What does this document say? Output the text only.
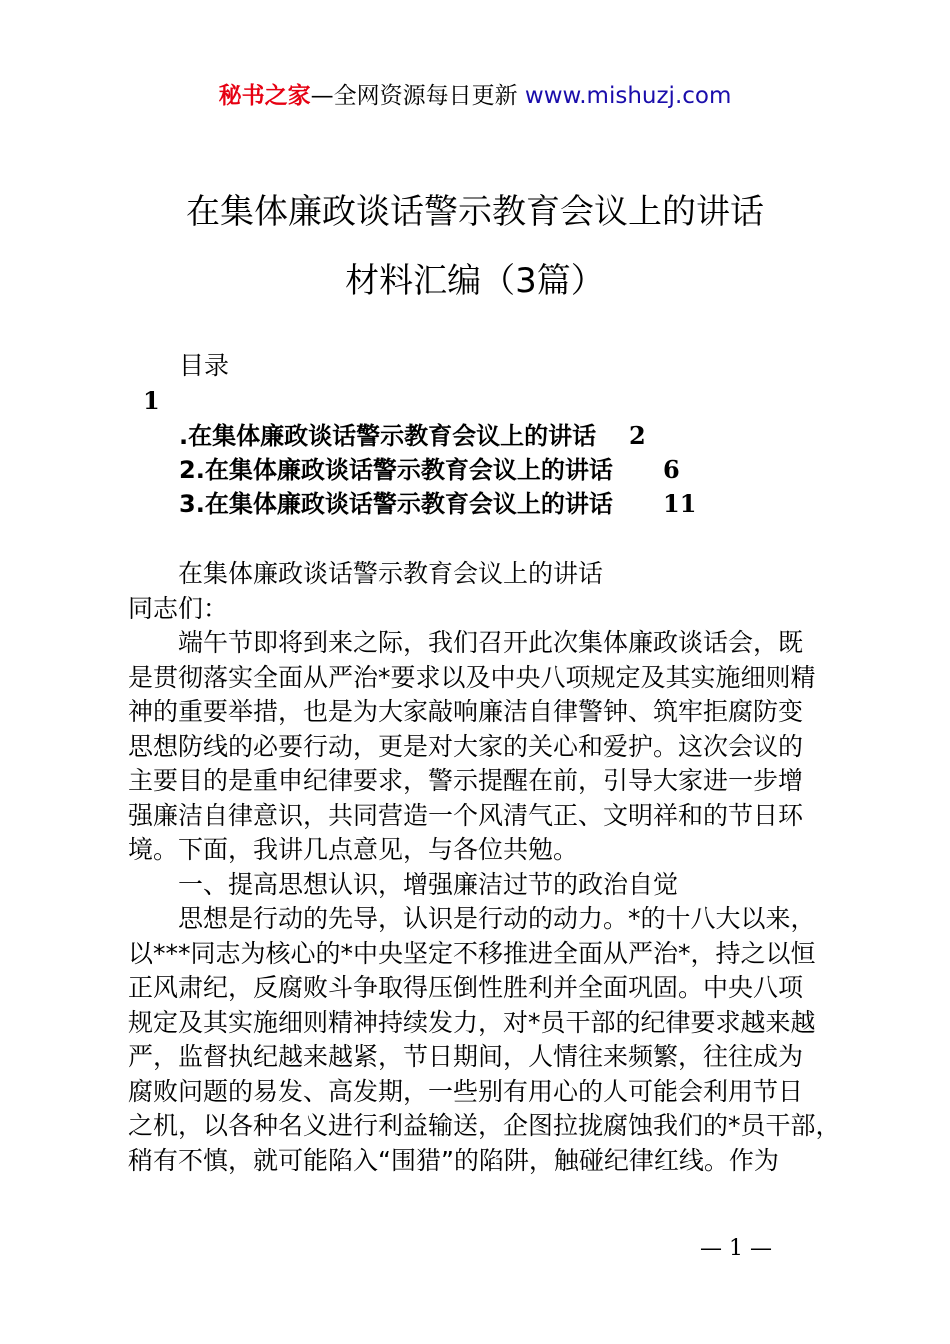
秘书之家—全网资源每日更新 www.mishuzj.com
在集体廉政谈话警示教育会议上的讲话
材料汇编（3篇）
目录
1
.在集体廉政谈话警示教育会议上的讲话 2
2.在集体廉政谈话警示教育会议上的讲话 6
3.在集体廉政谈话警示教育会议上的讲话 11
在集体廉政谈话警示教育会议上的讲话
同志们：
端午节即将到来之际，我们召开此次集体廉政谈话会，既
是贯彻落实全面从严治*要求以及中央八项规定及其实施细则精
神的重要举措，也是为大家敲响廉洁自律警钟、筑牢拒腐防变
思想防线的必要行动，更是对大家的关心和爱护。这次会议的
主要目的是重申纪律要求，警示提醒在前，引导大家进一步增
强廉洁自律意识，共同营造一个风清气正、文明祥和的节日环
境。下面，我讲几点意见，与各位共勉。
一、提高思想认识，增强廉洁过节的政治自觉
思想是行动的先导，认识是行动的动力。*的十八大以来，
以***同志为核心的*中央坚定不移推进全面从严治*，持之以恒
正风肃纪，反腐败斗争取得压倒性胜利并全面巩固。中央八项
规定及其实施细则精神持续发力，对*员干部的纪律要求越来越
严，监督执纪越来越紧，节日期间，人情往来频繁，往往成为
腐败问题的易发、高发期，一些别有用心的人可能会利用节日
之机，以各种名义进行利益输送，企图拉拢腐蚀我们的*员干部，
稍有不慎，就可能陷入“围猎”的陷阱，触碰纪律红线。作为
— 1 —
